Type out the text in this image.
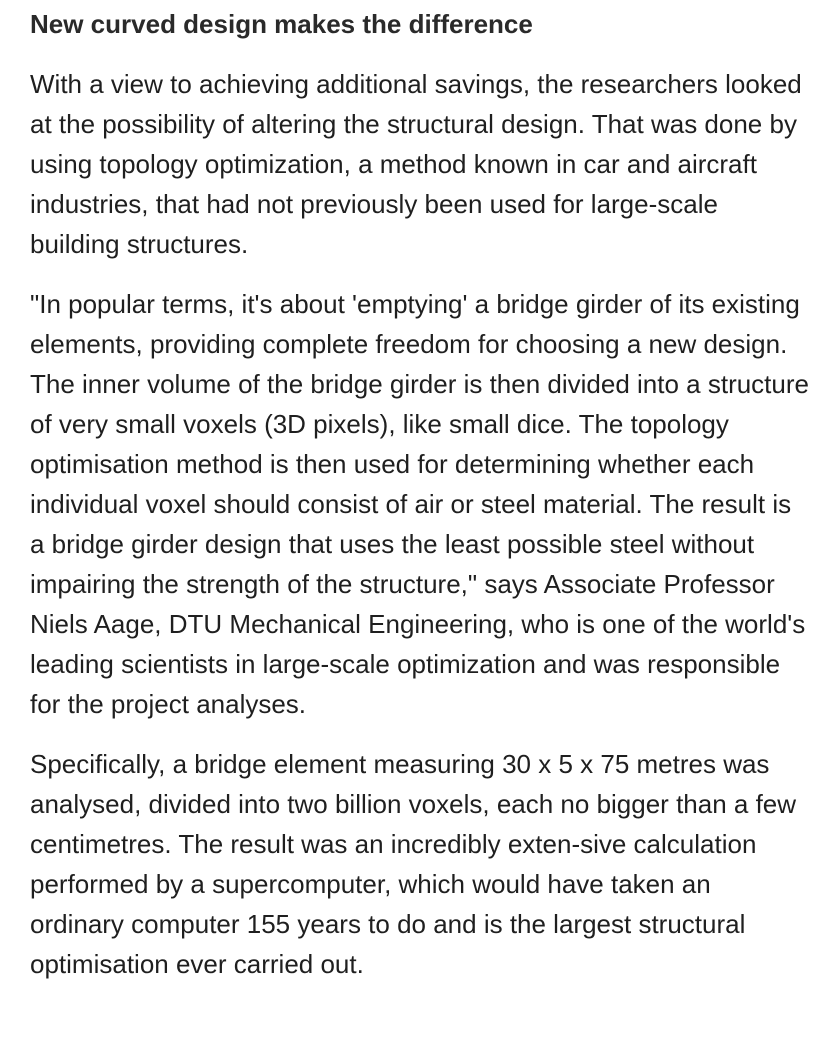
New curved design makes the difference

With a view to achieving additional savings, the researchers looked at the possibility of altering the structural design. That was done by using topology optimization, a method known in car and aircraft industries, that had not previously been used for large-scale building structures.

"In popular terms, it's about 'emptying' a bridge girder of its existing elements, providing complete freedom for choosing a new design. The inner volume of the bridge girder is then divided into a structure of very small voxels (3D pixels), like small dice. The topology optimisation method is then used for determining whether each individual voxel should consist of air or steel material. The result is a bridge girder design that uses the least possible steel without impairing the strength of the structure," says Associate Professor Niels Aage, DTU Mechanical Engineering, who is one of the world's leading scientists in large-scale optimization and was responsible for the project analyses.

Specifically, a bridge element measuring 30 x 5 x 75 metres was analysed, divided into two billion voxels, each no bigger than a few centimetres. The result was an incredibly exten-sive calculation performed by a supercomputer, which would have taken an ordinary computer 155 years to do and is the largest structural optimisation ever carried out.
